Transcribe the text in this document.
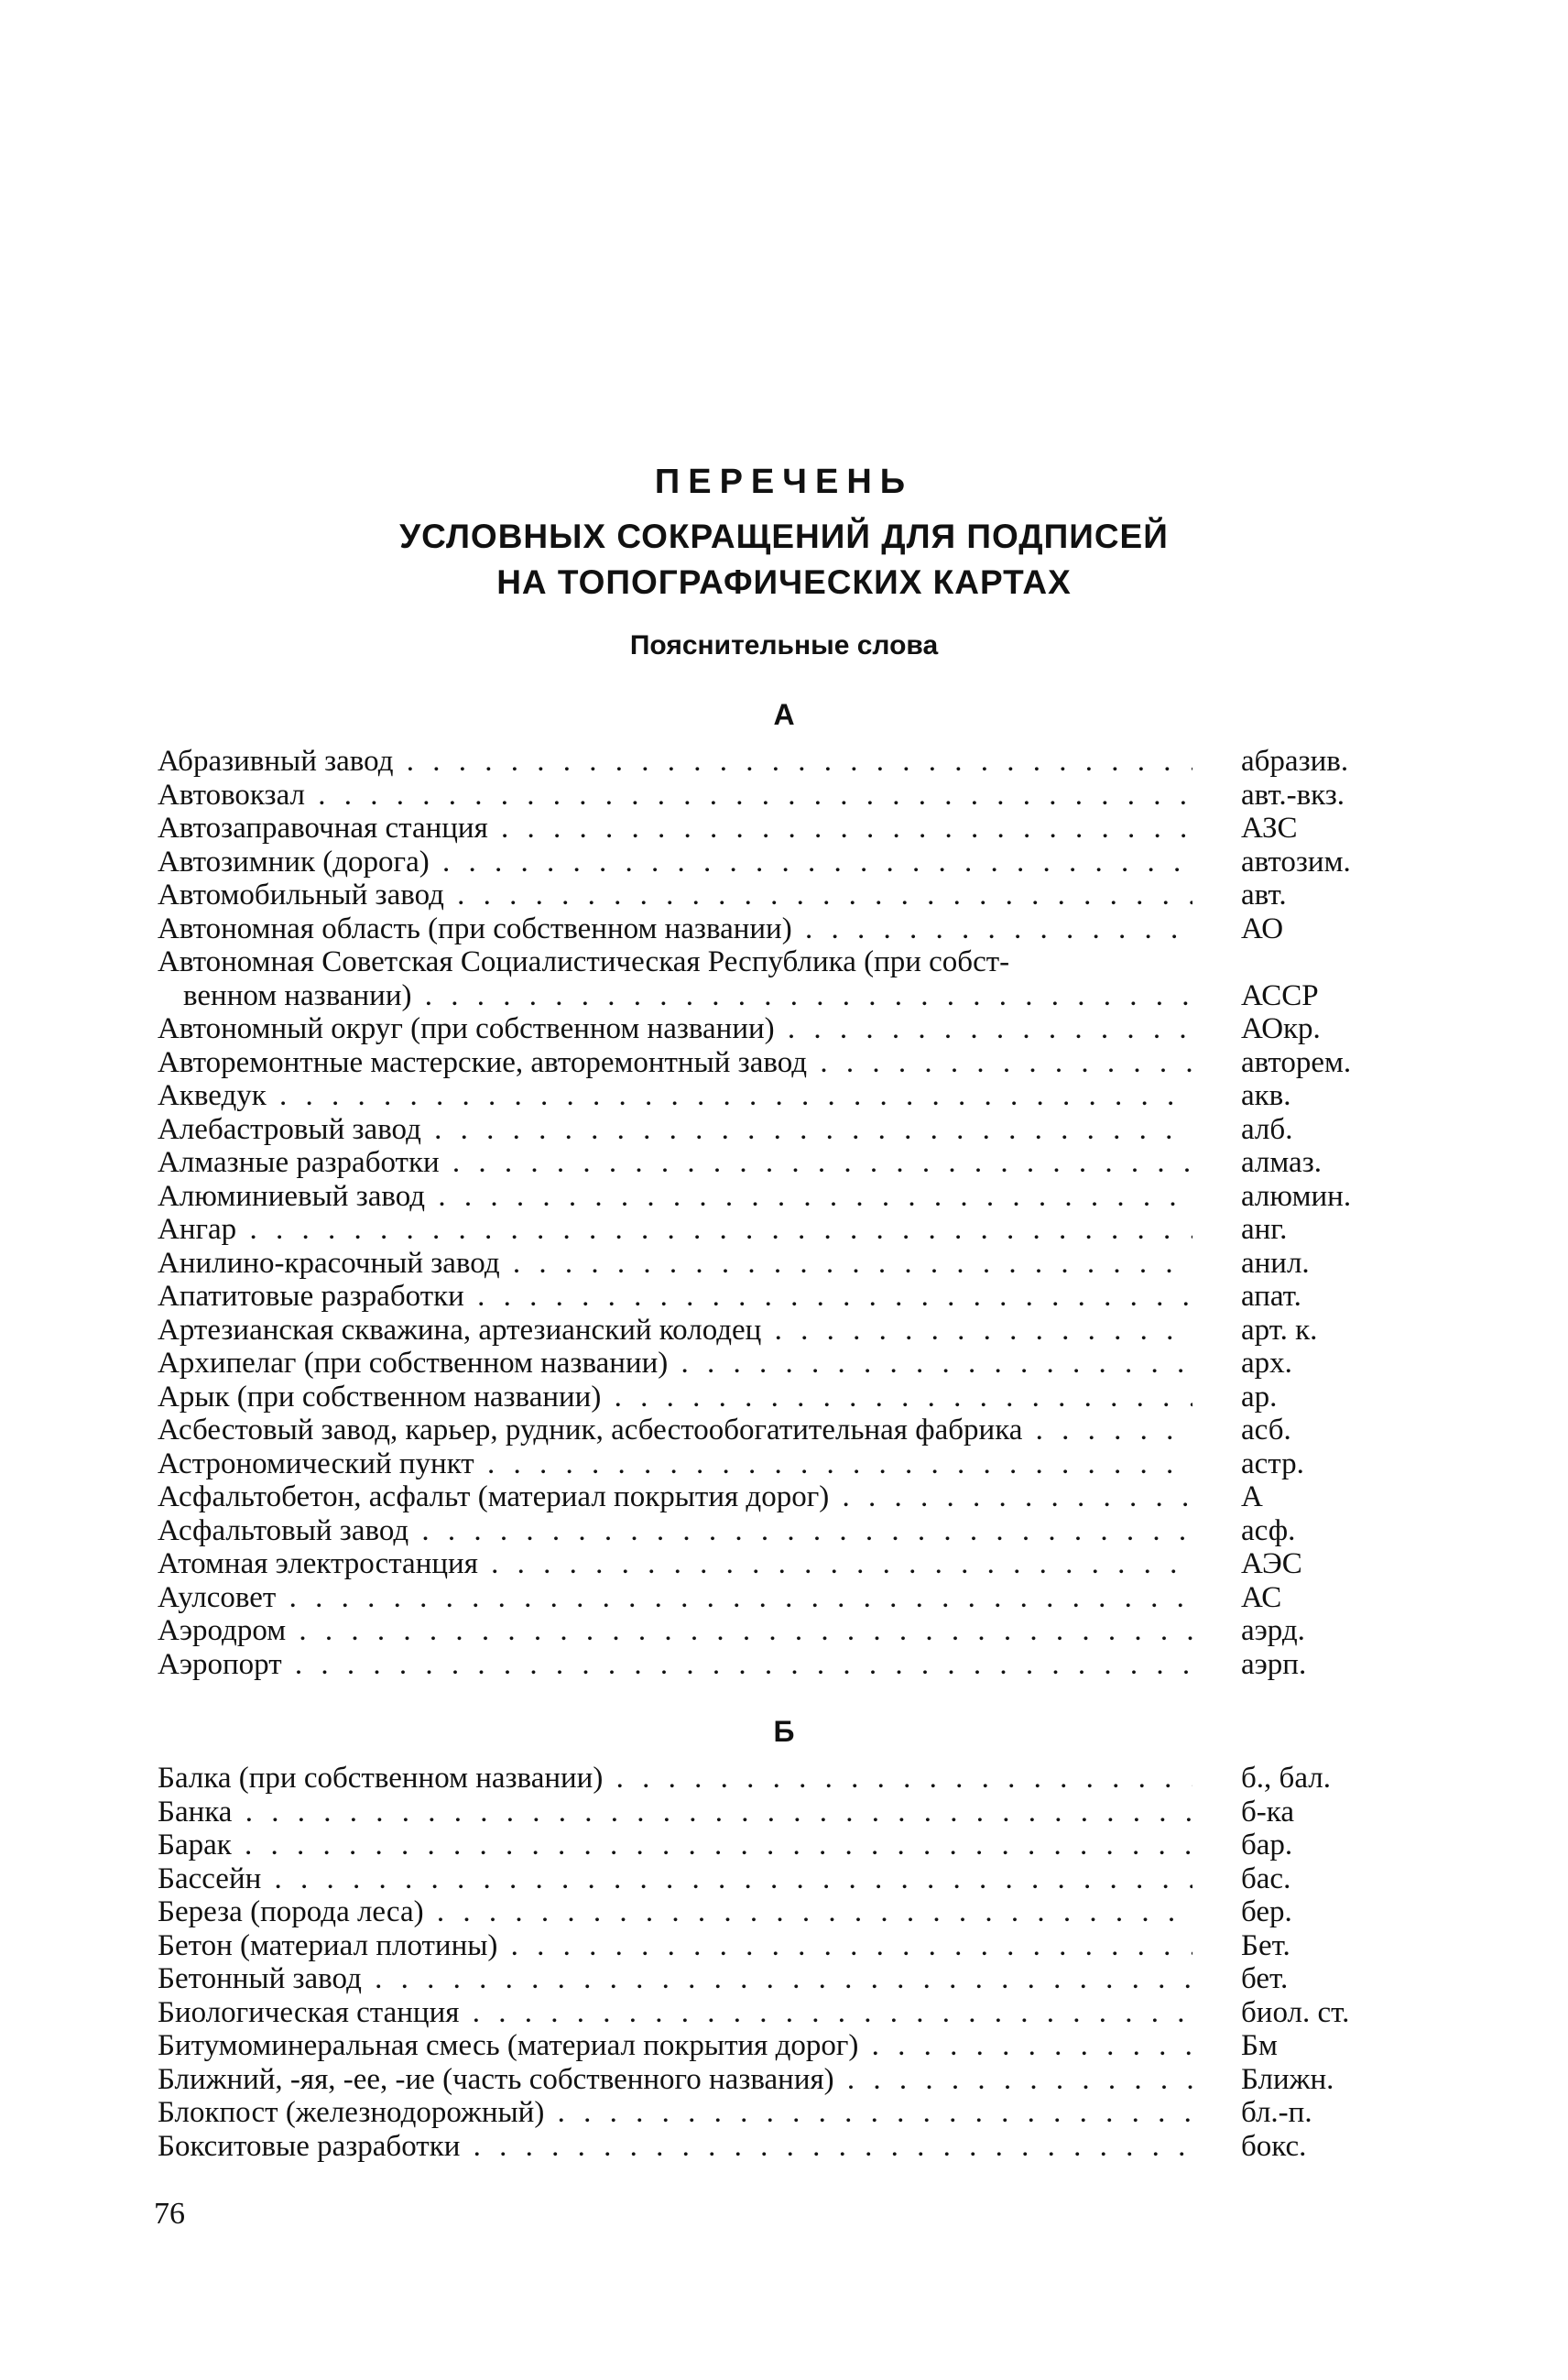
ПЕРЕЧЕНЬ
УСЛОВНЫХ СОКРАЩЕНИЙ ДЛЯ ПОДПИСЕЙ
НА ТОПОГРАФИЧЕСКИХ КАРТАХ
Пояснительные слова
А
Абразивный завод . . .	абразив.
Автовокзал . . .	авт.-вкз.
Автозаправочная станция . . .	АЗС
Автозимник (дорога) . . .	автозим.
Автомобильный завод . . .	авт.
Автономная область (при собственном названии) . . .	АО
Автономная Советская Социалистическая Республика (при собст-
венном названии) . . .	АССР
Автономный округ (при собственном названии) . . .	АОкр.
Авторемонтные мастерские, авторемонтный завод . . .	авторем.
Акведук . . .	акв.
Алебастровый завод . . .	алб.
Алмазные разработки . . .	алмаз.
Алюминиевый завод . . .	алюмин.
Ангар . . .	анг.
Анилино-красочный завод . . .	анил.
Апатитовые разработки . . .	апат.
Артезианская скважина, артезианский колодец . . .	арт. к.
Архипелаг (при собственном названии) . . .	арх.
Арык (при собственном названии) . . .	ар.
Асбестовый завод, карьер, рудник, асбестообогатительная фабрика . . .	асб.
Астрономический пункт . . .	астр.
Асфальтобетон, асфальт (материал покрытия дорог) . . .	А
Асфальтовый завод . . .	асф.
Атомная электростанция . . .	АЭС
Аулсовет . . .	АС
Аэродром . . .	аэрд.
Аэропорт . . .	аэрп.
Б
Балка (при собственном названии) . . .	б., бал.
Банка . . .	б-ка
Барак . . .	бар.
Бассейн . . .	бас.
Береза (порода леса) . . .	бер.
Бетон (материал плотины) . . .	Бет.
Бетонный завод . . .	бет.
Биологическая станция . . .	биол. ст.
Битумоминеральная смесь (материал покрытия дорог) . . .	Бм
Ближний, -яя, -ее, -ие (часть собственного названия) . . .	Ближн.
Блокпост (железнодорожный) . . .	бл.-п.
Бокситовые разработки . . .	бокс.
76
